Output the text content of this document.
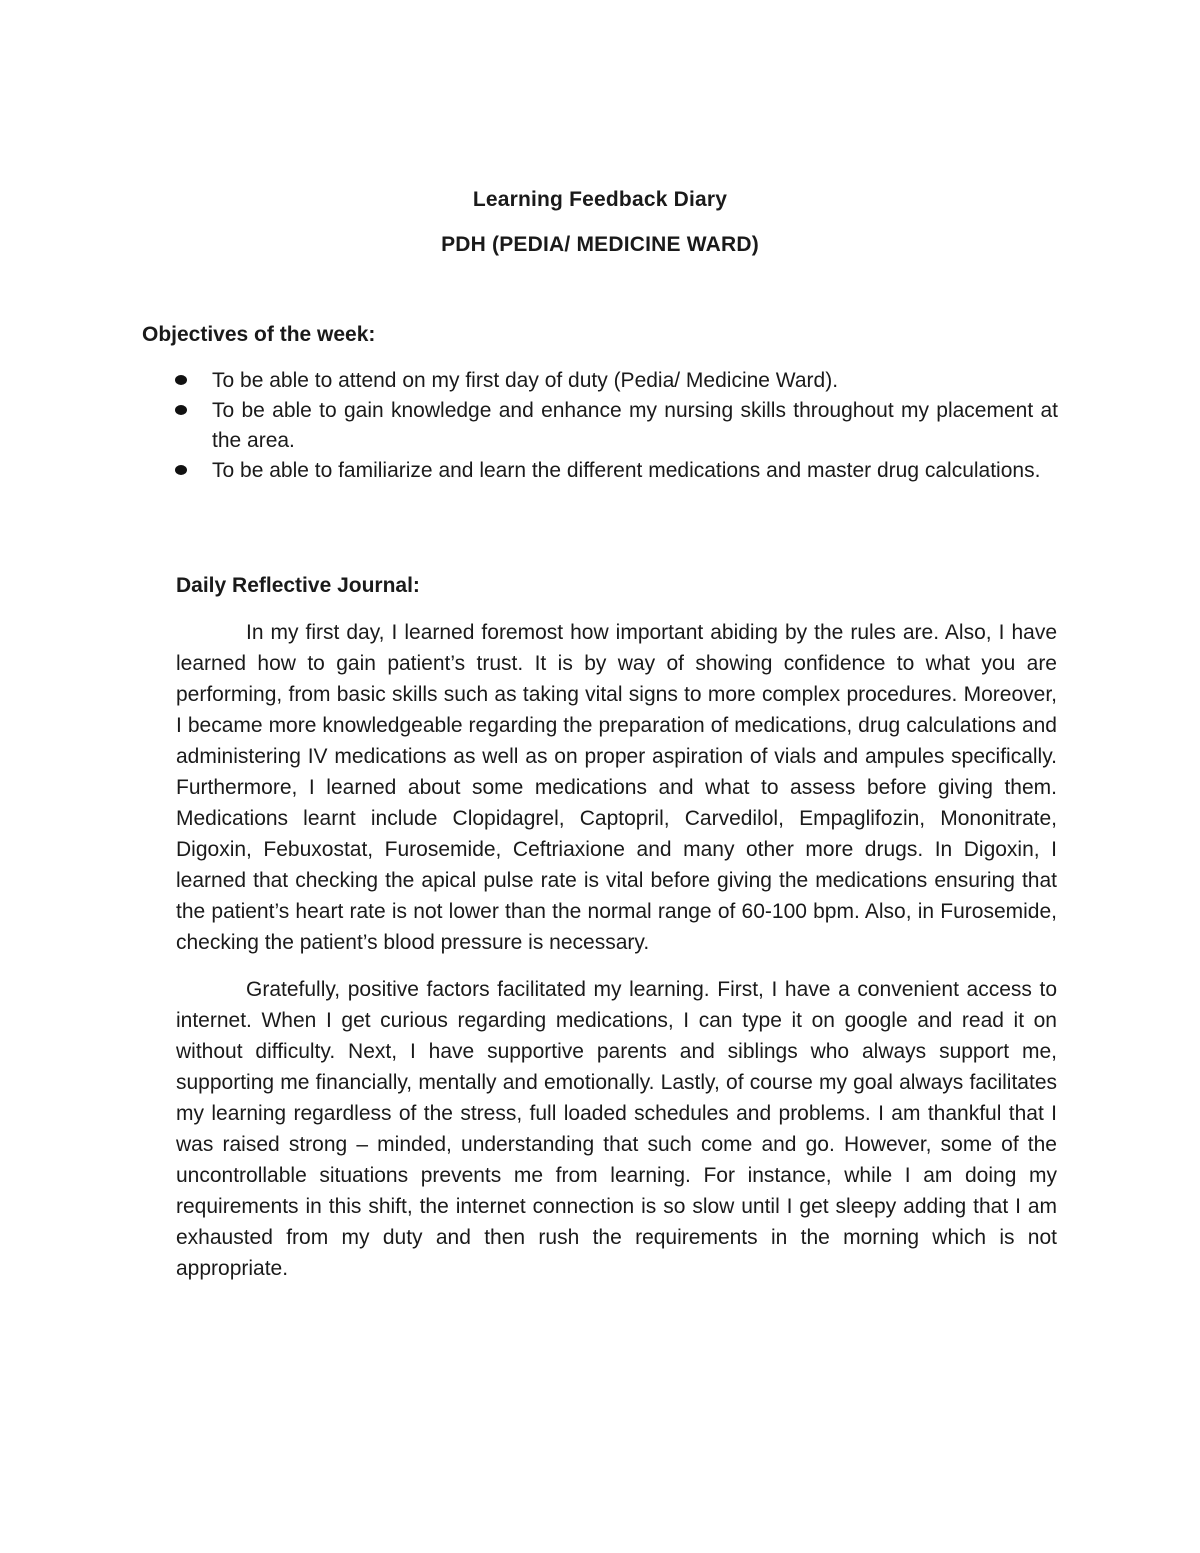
Learning Feedback Diary
PDH (PEDIA/ MEDICINE WARD)
Objectives of the week:
To be able to attend on my first day of duty (Pedia/ Medicine Ward).
To be able to gain knowledge and enhance my nursing skills throughout my placement at the area.
To be able to familiarize and learn the different medications and master drug calculations.
Daily Reflective Journal:

In my first day, I learned foremost how important abiding by the rules are. Also, I have learned how to gain patient’s trust. It is by way of showing confidence to what you are performing, from basic skills such as taking vital signs to more complex procedures. Moreover, I became more knowledgeable regarding the preparation of medications, drug calculations and administering IV medications as well as on proper aspiration of vials and ampules specifically. Furthermore, I learned about some medications and what to assess before giving them. Medications learnt include Clopidagrel, Captopril, Carvedilol, Empaglifozin, Mononitrate, Digoxin, Febuxostat, Furosemide, Ceftriaxione and many other more drugs. In Digoxin, I learned that checking the apical pulse rate is vital before giving the medications ensuring that the patient’s heart rate is not lower than the normal range of 60-100 bpm. Also, in Furosemide, checking the patient’s blood pressure is necessary.

Gratefully, positive factors facilitated my learning. First, I have a convenient access to internet. When I get curious regarding medications, I can type it on google and read it on without difficulty. Next, I have supportive parents and siblings who always support me, supporting me financially, mentally and emotionally. Lastly, of course my goal always facilitates my learning regardless of the stress, full loaded schedules and problems. I am thankful that I was raised strong – minded, understanding that such come and go. However, some of the uncontrollable situations prevents me from learning. For instance, while I am doing my requirements in this shift, the internet connection is so slow until I get sleepy adding that I am exhausted from my duty and then rush the requirements in the morning which is not appropriate.
